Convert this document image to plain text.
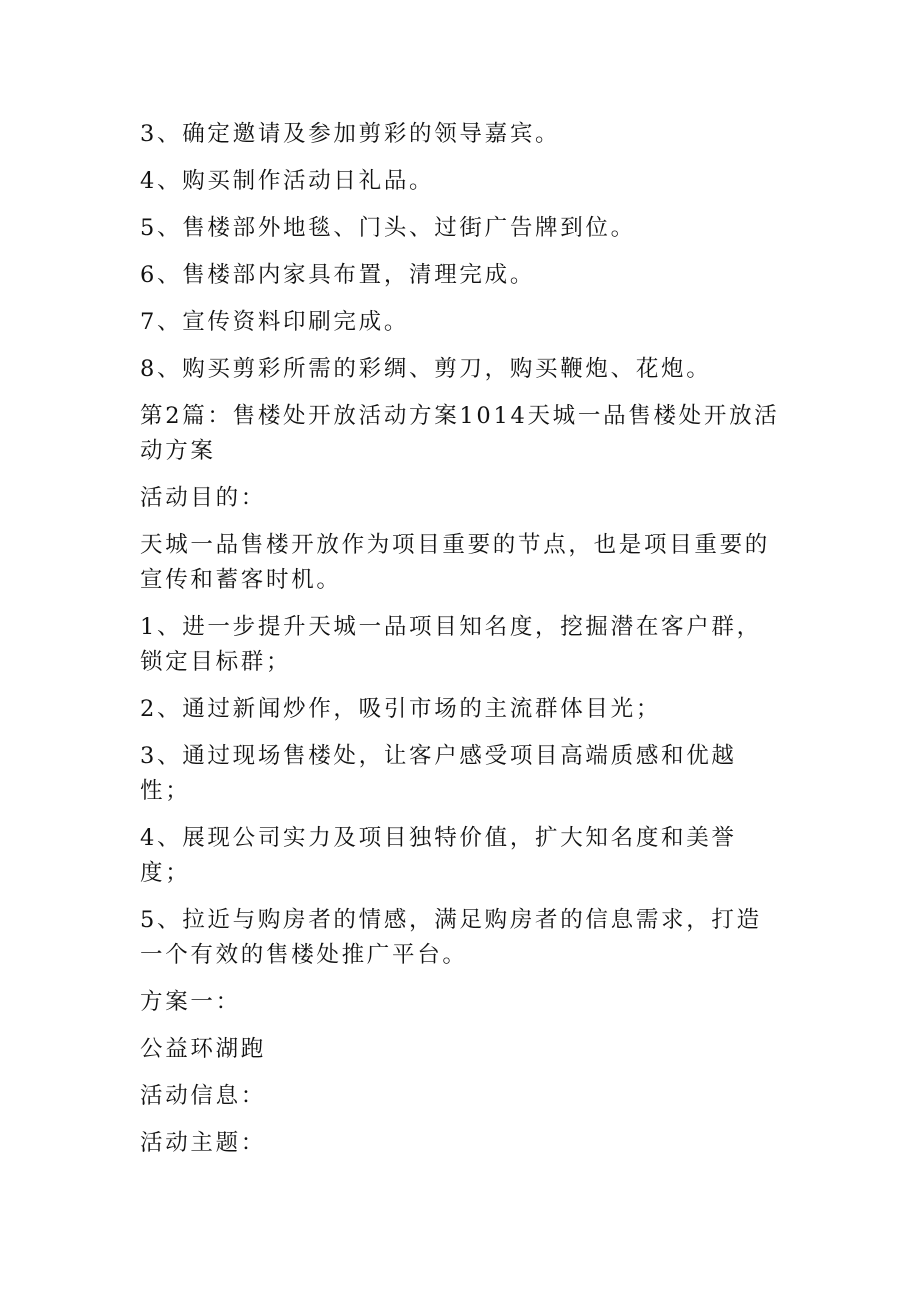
3、确定邀请及参加剪彩的领导嘉宾。

4、购买制作活动日礼品。

5、售楼部外地毯、门头、过街广告牌到位。

6、售楼部内家具布置，清理完成。

7、宣传资料印刷完成。

8、购买剪彩所需的彩绸、剪刀，购买鞭炮、花炮。

第2篇：售楼处开放活动方案1014天城一品售楼处开放活动方案

活动目的：

天城一品售楼开放作为项目重要的节点，也是项目重要的宣传和蓄客时机。

1、进一步提升天城一品项目知名度，挖掘潜在客户群，锁定目标群；

2、通过新闻炒作，吸引市场的主流群体目光；

3、通过现场售楼处，让客户感受项目高端质感和优越性；

4、展现公司实力及项目独特价值，扩大知名度和美誉度；

5、拉近与购房者的情感，满足购房者的信息需求，打造一个有效的售楼处推广平台。

方案一：

公益环湖跑

活动信息：

活动主题：
